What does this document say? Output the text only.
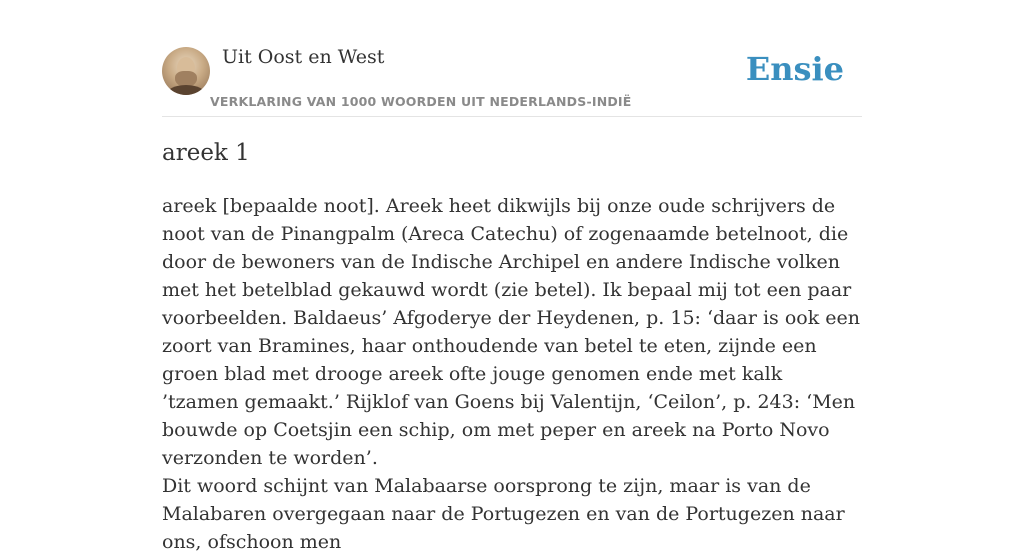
Uit Oost en West
VERKLARING VAN 1000 WOORDEN UIT NEDERLANDS-INDIË
Ensie
areek 1

areek [bepaalde noot]. Areek heet dikwijls bij onze oude schrijvers de noot van de Pinangpalm (Areca Catechu) of zogenaamde betelnoot, die door de bewoners van de Indische Archipel en andere Indische volken met het betelblad gekauwd wordt (zie betel). Ik bepaal mij tot een paar voorbeelden. Baldaeus’ Afgoderye der Heydenen, p. 15: ‘daar is ook een zoort van Bramines, haar onthoudende van betel te eten, zijnde een groen blad met drooge areek ofte jouge genomen ende met kalk ’tzamen gemaakt.’ Rijklof van Goens bij Valentijn, ‘Ceilon’, p. 243: ‘Men bouwde op Coetsjin een schip, om met peper en areek na Porto Novo verzonden te worden’.

Dit woord schijnt van Malabaarse oorsprong te zijn, maar is van de Malabaren overgegaan naar de Portugezen en van de Portugezen naar ons, ofschoon men
